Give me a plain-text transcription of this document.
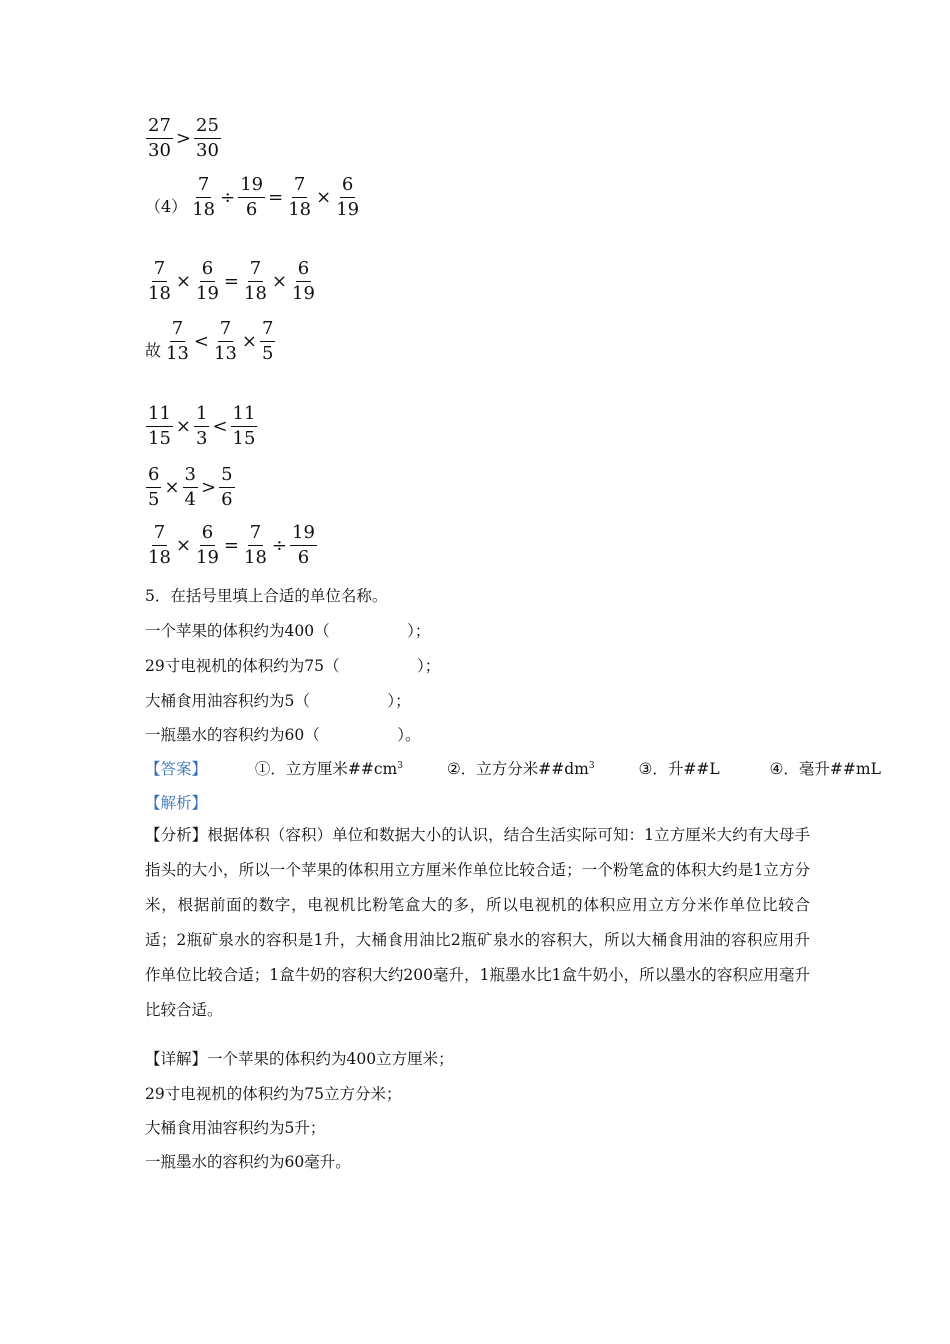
$\frac{27}{30} > \frac{25}{30}$
$(4) \frac{7}{18} \div \frac{19}{6} = \frac{7}{18} \times \frac{6}{19}$
$\frac{7}{18} \times \frac{6}{19} = \frac{7}{18} \times \frac{6}{19}$
故 $\frac{7}{13} < \frac{7}{13} \times \frac{7}{5}$
$\frac{11}{15} \times \frac{1}{3} < \frac{11}{15}$
$\frac{6}{5} \times \frac{3}{4} > \frac{5}{6}$
$\frac{7}{18} \times \frac{6}{19} = \frac{7}{18} \div \frac{19}{6}$
5．在括号里填上合适的单位名称。
一个苹果的体积约为400（　　　　　）；
29寸电视机的体积约为75（　　　　　）；
大桶食用油容积约为5（　　　　　）；
一瓶墨水的容积约为60（　　　　　）。
【答案】	①．立方厘米$\#\#cm^3$	②．立方分米$\#\#dm^3$	③．升##L	④．毫升##mL
【解析】
【分析】根据体积（容积）单位和数据大小的认识，结合生活实际可知：1立方厘米大约有大母手指头的大小，所以一个苹果的体积用立方厘米作单位比较合适；一个粉笔盒的体积大约是1立方分米，根据前面的数字，电视机比粉笔盒大的多，所以电视机的体积应用立方分米作单位比较合适；2瓶矿泉水的容积是1升，大桶食用油比2瓶矿泉水的容积大，所以大桶食用油的容积应用升作单位比较合适；1盒牛奶的容积大约200毫升，1瓶墨水比1盒牛奶小，所以墨水的容积应用毫升比较合适。
【详解】一个苹果的体积约为400立方厘米；
29寸电视机的体积约为75立方分米；
大桶食用油容积约为5升；
一瓶墨水的容积约为60毫升。
